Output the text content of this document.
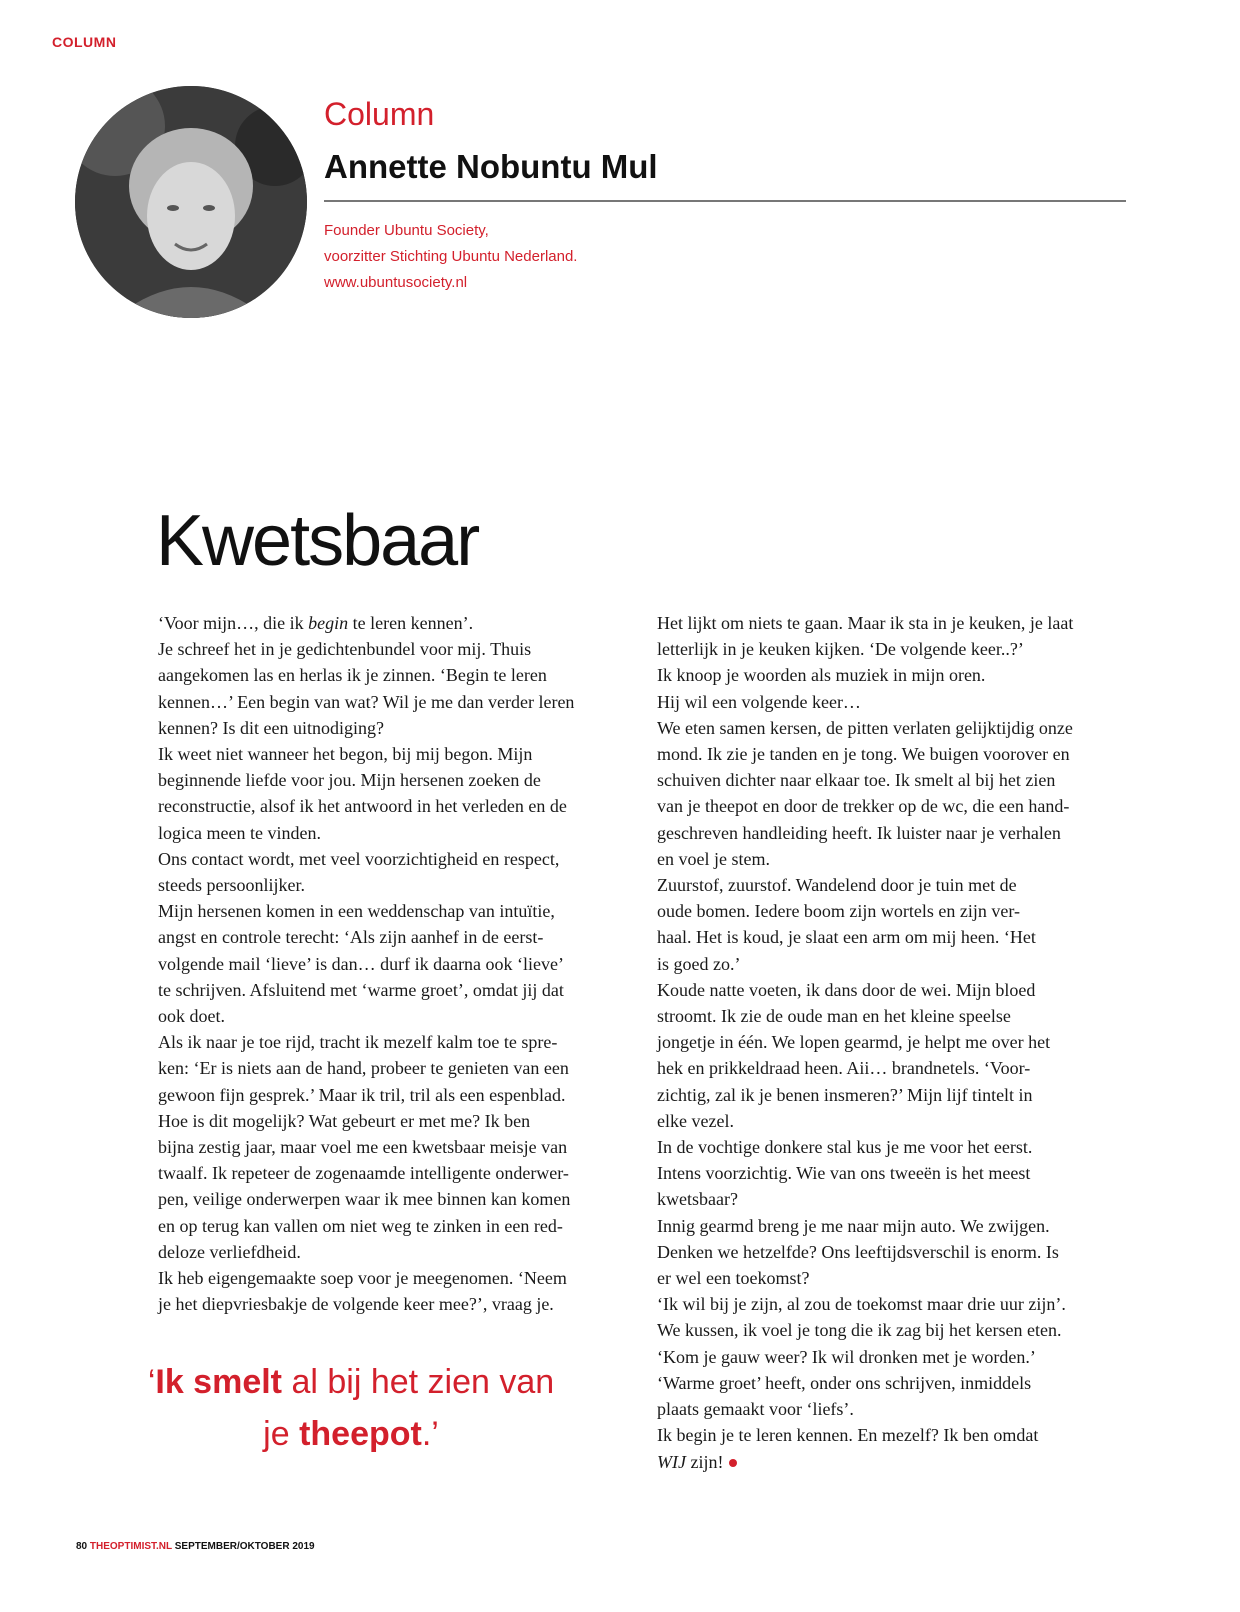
COLUMN
Column
Annette Nobuntu Mul
Founder Ubuntu Society,
voorzitter Stichting Ubuntu Nederland.
www.ubuntusociety.nl
Kwetsbaar
‘Voor mijn…, die ik begin te leren kennen’.
Je schreef het in je gedichtenbundel voor mij. Thuis
aangekomen las en herlas ik je zinnen. ‘Begin te leren
kennen…’ Een begin van wat? Wil je me dan verder leren
kennen? Is dit een uitnodiging?
Ik weet niet wanneer het begon, bij mij begon. Mijn
beginnende liefde voor jou. Mijn hersenen zoeken de
reconstructie, alsof ik het antwoord in het verleden en de
logica meen te vinden.
Ons contact wordt, met veel voorzichtigheid en respect,
steeds persoonlijker.
Mijn hersenen komen in een weddenschap van intuïtie,
angst en controle terecht: ‘Als zijn aanhef in de eerst-
volgende mail ‘lieve’ is dan… durf ik daarna ook ‘lieve’
te schrijven. Afsluitend met ‘warme groet’, omdat jij dat
ook doet.
Als ik naar je toe rijd, tracht ik mezelf kalm toe te spre-
ken: ‘Er is niets aan de hand, probeer te genieten van een
gewoon fijn gesprek.’ Maar ik tril, tril als een espenblad.
Hoe is dit mogelijk? Wat gebeurt er met me? Ik ben
bijna zestig jaar, maar voel me een kwetsbaar meisje van
twaalf. Ik repeteer de zogenaamde intelligente onderwer-
pen, veilige onderwerpen waar ik mee binnen kan komen
en op terug kan vallen om niet weg te zinken in een red-
deloze verliefdheid.
Ik heb eigengemaakte soep voor je meegenomen. ‘Neem
je het diepvriesbakje de volgende keer mee?’, vraag je.
Het lijkt om niets te gaan. Maar ik sta in je keuken, je laat
letterlijk in je keuken kijken. ‘De volgende keer..?’
Ik knoop je woorden als muziek in mijn oren.
Hij wil een volgende keer…
We eten samen kersen, de pitten verlaten gelijktijdig onze
mond. Ik zie je tanden en je tong. We buigen voorover en
schuiven dichter naar elkaar toe. Ik smelt al bij het zien
van je theepot en door de trekker op de wc, die een hand-
geschreven handleiding heeft. Ik luister naar je verhalen
en voel je stem.
Zuurstof, zuurstof. Wandelend door je tuin met de
oude bomen. Iedere boom zijn wortels en zijn ver-
haal. Het is koud, je slaat een arm om mij heen. ‘Het
is goed zo.’
Koude natte voeten, ik dans door de wei. Mijn bloed
stroomt. Ik zie de oude man en het kleine speelse
jongetje in één. We lopen gearmd, je helpt me over het
hek en prikkeldraad heen. Aii… brandnetels. ‘Voor-
zichtig, zal ik je benen insmeren?’ Mijn lijf tintelt in
elke vezel.
In de vochtige donkere stal kus je me voor het eerst.
Intens voorzichtig. Wie van ons tweeën is het meest
kwetsbaar?
Innig gearmd breng je me naar mijn auto. We zwijgen.
Denken we hetzelfde? Ons leeftijdsverschil is enorm. Is
er wel een toekomst?
‘Ik wil bij je zijn, al zou de toekomst maar drie uur zijn’.
We kussen, ik voel je tong die ik zag bij het kersen eten.
‘Kom je gauw weer? Ik wil dronken met je worden.’
‘Warme groet’ heeft, onder ons schrijven, inmiddels
plaats gemaakt voor ‘liefs’.
Ik begin je te leren kennen. En mezelf? Ik ben omdat
WIJ zijn!
‘Ik smelt al bij het zien van
je theepot.’
80 THEOPTIMIST.NL SEPTEMBER/OKTOBER 2019
